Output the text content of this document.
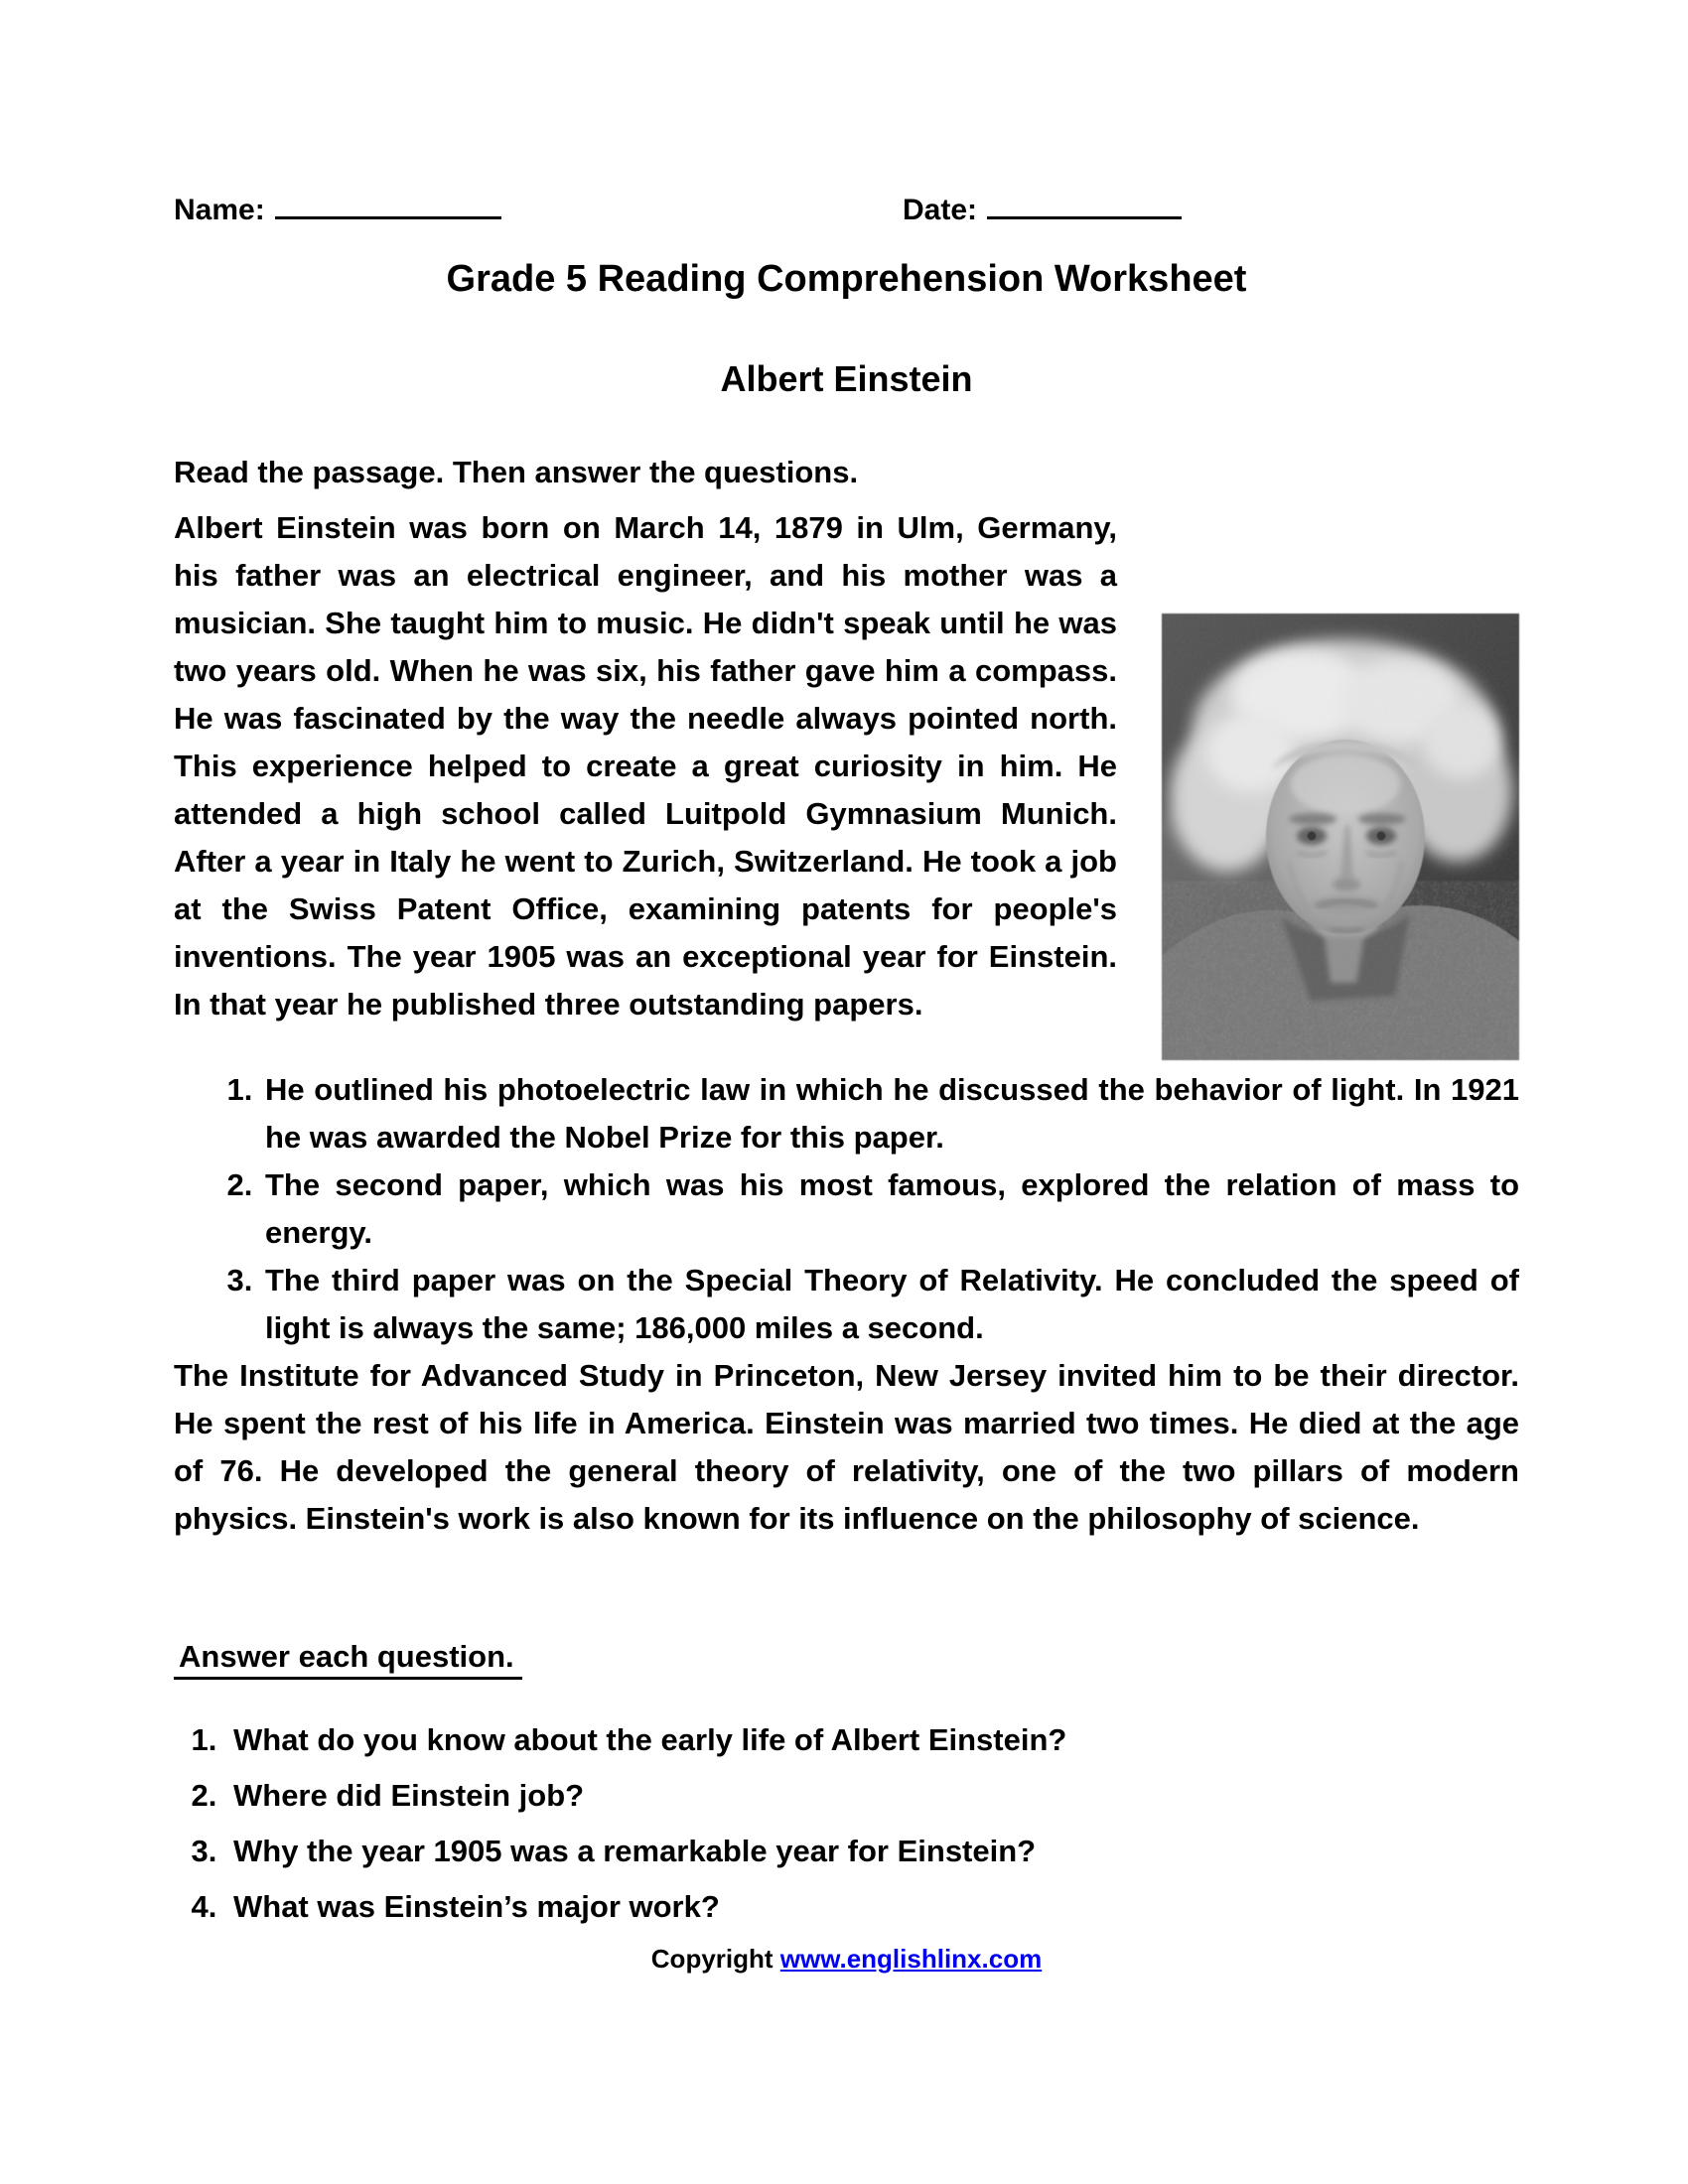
Name:	Date:
Grade 5 Reading Comprehension Worksheet
Albert Einstein
Read the passage. Then answer the questions.

Albert Einstein was born on March 14, 1879 in Ulm, Germany, his father was an electrical engineer, and his mother was a musician. She taught him to music. He didn't speak until he was two years old. When he was six, his father gave him a compass. He was fascinated by the way the needle always pointed north. This experience helped to create a great curiosity in him. He attended a high school called Luitpold Gymnasium Munich. After a year in Italy he went to Zurich, Switzerland. He took a job at the Swiss Patent Office, examining patents for people's inventions. The year 1905 was an exceptional year for Einstein. In that year he published three outstanding papers.

1. He outlined his photoelectric law in which he discussed the behavior of light. In 1921 he was awarded the Nobel Prize for this paper.
2. The second paper, which was his most famous, explored the relation of mass to energy.
3. The third paper was on the Special Theory of Relativity. He concluded the speed of light is always the same; 186,000 miles a second.

The Institute for Advanced Study in Princeton, New Jersey invited him to be their director. He spent the rest of his life in America. Einstein was married two times. He died at the age of 76. He developed the general theory of relativity, one of the two pillars of modern physics. Einstein's work is also known for its influence on the philosophy of science.

Answer each question.
1. What do you know about the early life of Albert Einstein?
2. Where did Einstein job?
3. Why the year 1905 was a remarkable year for Einstein?
4. What was Einstein’s major work?
Copyright www.englishlinx.com
